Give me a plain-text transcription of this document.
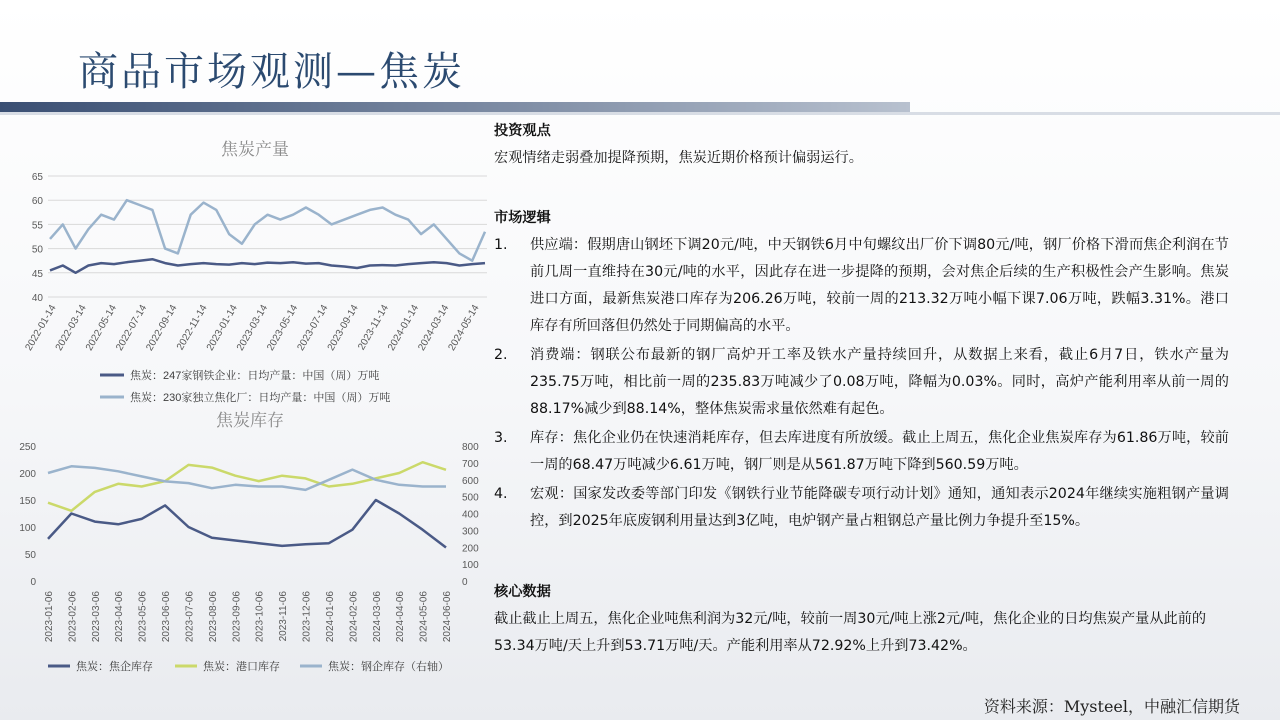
商品市场观测—焦炭
焦炭产量
40
45
50
55
60
65
2022-01-14
2022-03-14
2022-05-14
2022-07-14
2022-09-14
2022-11-14
2023-01-14
2023-03-14
2023-05-14
2023-07-14
2023-09-14
2023-11-14
2024-01-14
2024-03-14
2024-05-14
焦炭：247家钢铁企业：日均产量：中国（周）万吨
焦炭：230家独立焦化厂：日均产量：中国（周）万吨
焦炭库存
0
50
100
150
200
250
0
100
200
300
400
500
600
700
800
2023-01-06 2023-02-06 2023-03-06 2023-04-06 2023-05-06 2023-06-06 2023-07-06 2023-08-06 2023-09-06 2023-10-06 2023-11-06 2023-12-06 2024-01-06 2024-02-06 2024-03-06 2024-04-06 2024-05-06 2024-06-06
焦炭：焦企库存	焦炭：港口库存	焦炭：钢企库存（右轴）
投资观点
宏观情绪走弱叠加提降预期，焦炭近期价格预计偏弱运行。
市场逻辑
1. 供应端：假期唐山钢坯下调20元/吨，中天钢铁6月中旬螺纹出厂价下调80元/吨，钢厂价格下滑而焦企利润在节前几周一直维持在30元/吨的水平，因此存在进一步提降的预期，会对焦企后续的生产积极性会产生影响。焦炭进口方面，最新焦炭港口库存为206.26万吨，较前一周的213.32万吨小幅下课7.06万吨，跌幅3.31%。港口库存有所回落但仍然处于同期偏高的水平。
2. 消费端：钢联公布最新的钢厂高炉开工率及铁水产量持续回升，从数据上来看，截止6月7日，铁水产量为235.75万吨，相比前一周的235.83万吨减少了0.08万吨，降幅为0.03%。同时，高炉产能利用率从前一周的88.17%减少到88.14%，整体焦炭需求量依然难有起色。
3. 库存：焦化企业仍在快速消耗库存，但去库进度有所放缓。截止上周五，焦化企业焦炭库存为61.86万吨，较前一周的68.47万吨减少6.61万吨，钢厂则是从561.87万吨下降到560.59万吨。
4. 宏观：国家发改委等部门印发《钢铁行业节能降碳专项行动计划》通知，通知表示2024年继续实施粗钢产量调控，到2025年底废钢利用量达到3亿吨，电炉钢产量占粗钢总产量比例力争提升至15%。
核心数据
截止截止上周五，焦化企业吨焦利润为32元/吨，较前一周30元/吨上涨2元/吨，焦化企业的日均焦炭产量从此前的53.34万吨/天上升到53.71万吨/天。产能利用率从72.92%上升到73.42%。
资料来源：Mysteel，中融汇信期货
